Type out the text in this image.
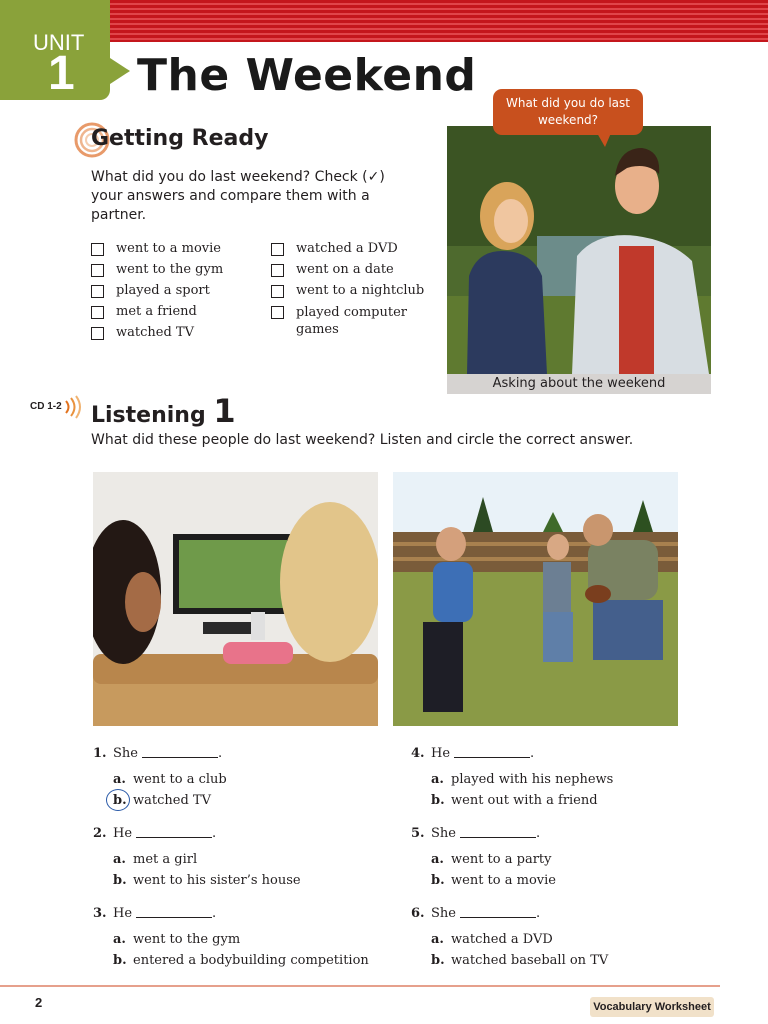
UNIT
1 The Weekend
Getting Ready
What did you do last weekend? Check (✓) your answers and compare them with a partner.
went to a movie
went to the gym
played a sport
met a friend
watched TV
watched a DVD
went on a date
went to a nightclub
played computer games
What did you do last weekend?
Asking about the weekend
CD 1-2 Listening 1
What did these people do last weekend? Listen and circle the correct answer.
1. She	.
a. went to a club
b. watched TV
2. He	.
a. met a girl
b. went to his sister’s house
3. He	.
a. went to the gym
b. entered a bodybuilding competition
4. He	.
a. played with his nephews
b. went out with a friend
5. She	.
a. went to a party
b. went to a movie
6. She	.
a. watched a DVD
b. watched baseball on TV
2	Vocabulary Worksheet
